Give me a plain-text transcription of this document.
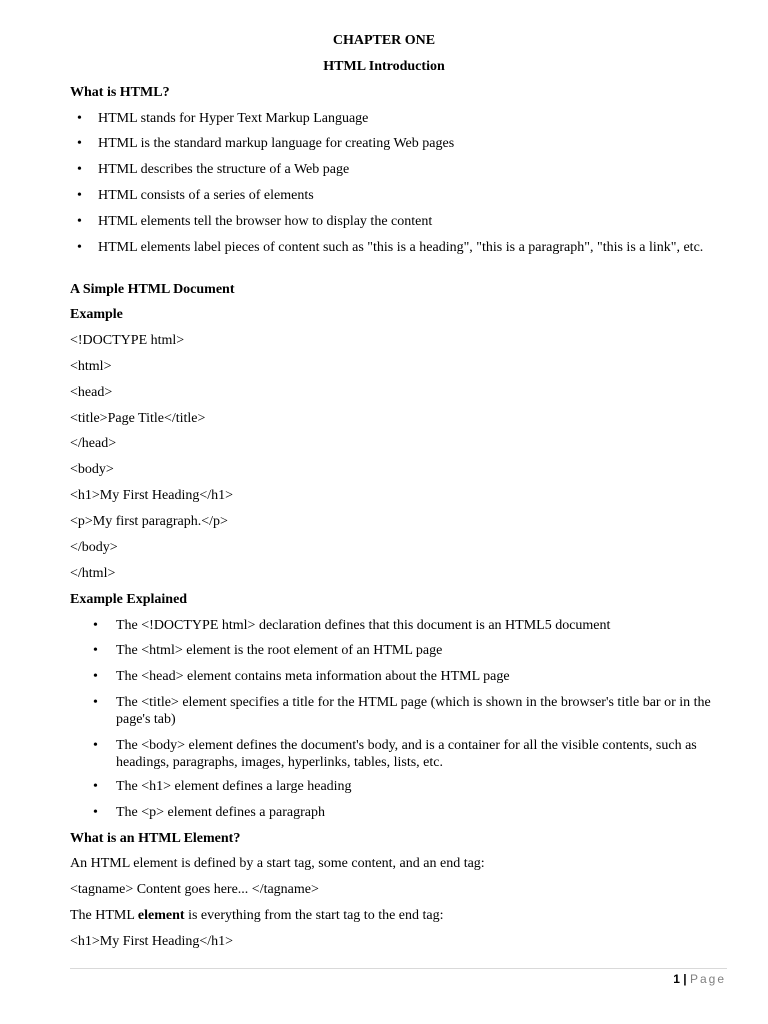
CHAPTER ONE
HTML Introduction
What is HTML?
• HTML stands for Hyper Text Markup Language
• HTML is the standard markup language for creating Web pages
• HTML describes the structure of a Web page
• HTML consists of a series of elements
• HTML elements tell the browser how to display the content
• HTML elements label pieces of content such as "this is a heading", "this is a paragraph", "this is a link", etc.
A Simple HTML Document
Example
<!DOCTYPE html>
<html>
<head>
<title>Page Title</title>
</head>
<body>
<h1>My First Heading</h1>
<p>My first paragraph.</p>
</body>
</html>
Example Explained
• The <!DOCTYPE html> declaration defines that this document is an HTML5 document
• The <html> element is the root element of an HTML page
• The <head> element contains meta information about the HTML page
• The <title> element specifies a title for the HTML page (which is shown in the browser's title bar or in the page's tab)
• The <body> element defines the document's body, and is a container for all the visible contents, such as headings, paragraphs, images, hyperlinks, tables, lists, etc.
• The <h1> element defines a large heading
• The <p> element defines a paragraph
What is an HTML Element?
An HTML element is defined by a start tag, some content, and an end tag:
<tagname> Content goes here... </tagname>
The HTML element is everything from the start tag to the end tag:
<h1>My First Heading</h1>
1 | Page
